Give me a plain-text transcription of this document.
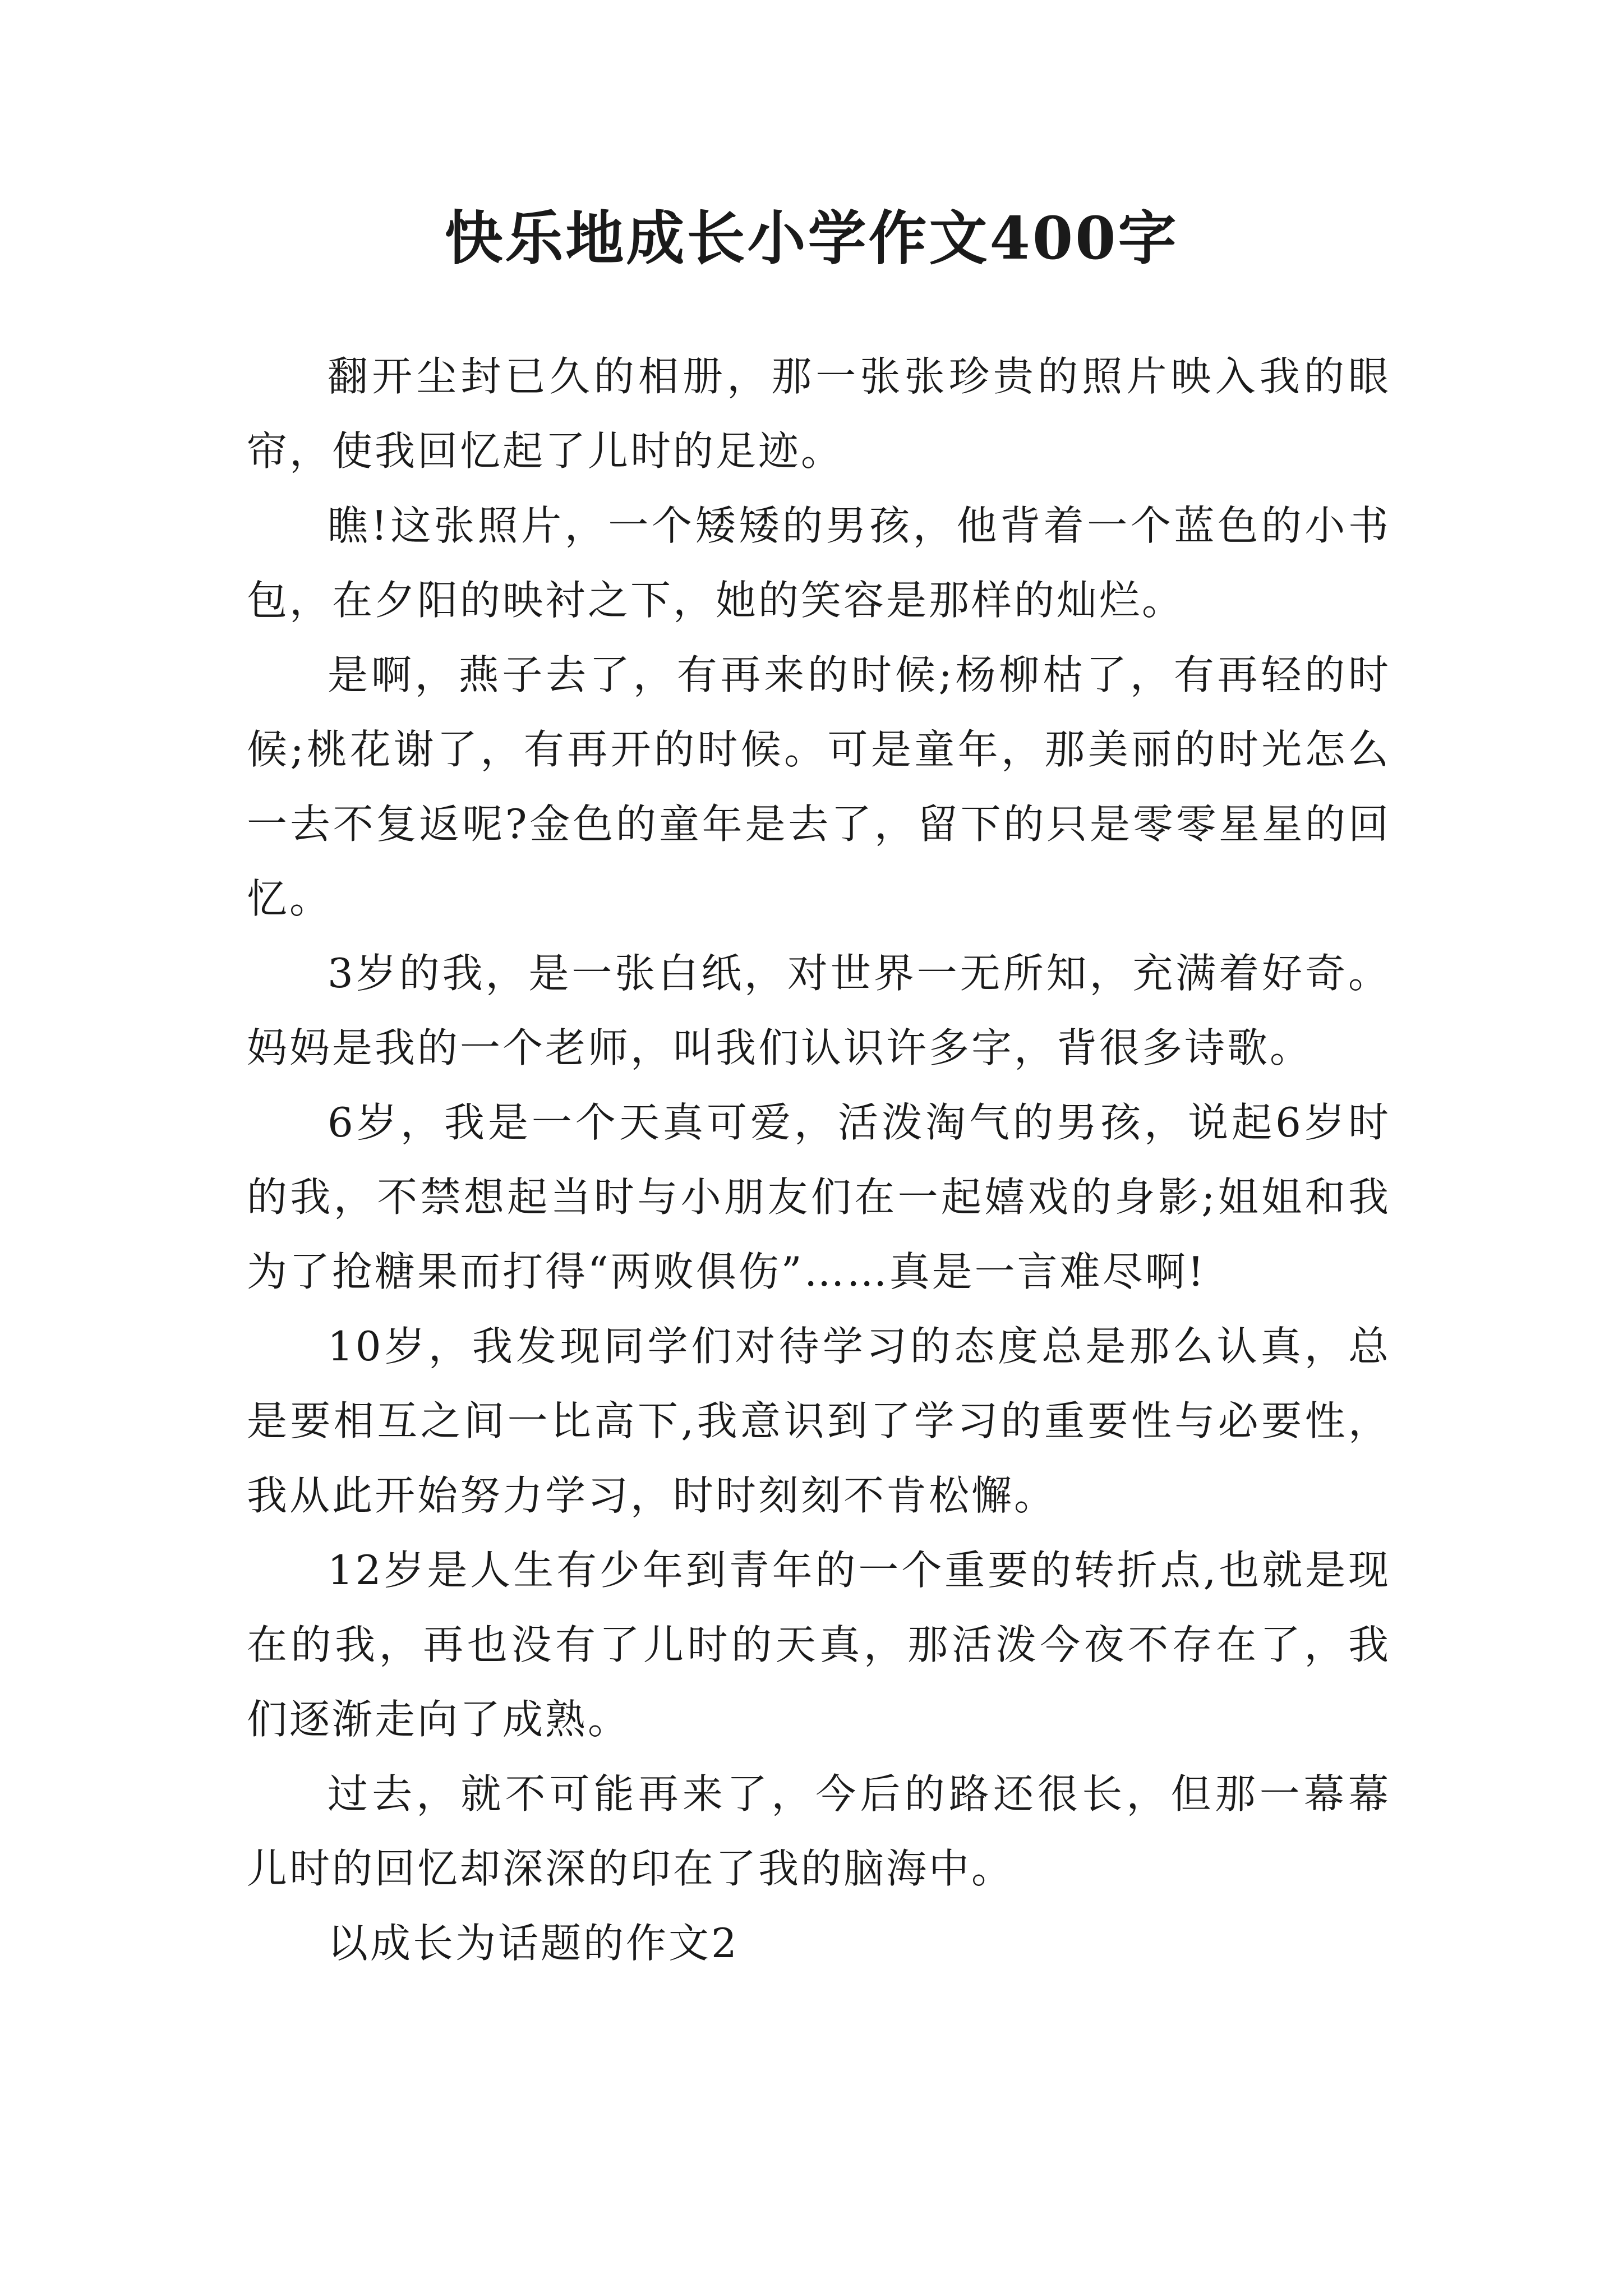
快乐地成长小学作文400字

翻开尘封已久的相册，那一张张珍贵的照片映入我的眼帘，使我回忆起了儿时的足迹。

瞧!这张照片，一个矮矮的男孩，他背着一个蓝色的小书包，在夕阳的映衬之下，她的笑容是那样的灿烂。

是啊，燕子去了，有再来的时候;杨柳枯了，有再轻的时候;桃花谢了，有再开的时候。可是童年，那美丽的时光怎么一去不复返呢?金色的童年是去了，留下的只是零零星星的回忆。

3岁的我，是一张白纸，对世界一无所知，充满着好奇。妈妈是我的一个老师，叫我们认识许多字，背很多诗歌。

6岁，我是一个天真可爱，活泼淘气的男孩，说起6岁时的我，不禁想起当时与小朋友们在一起嬉戏的身影;姐姐和我为了抢糖果而打得“两败俱伤”……真是一言难尽啊!

10岁，我发现同学们对待学习的态度总是那么认真，总是要相互之间一比高下,我意识到了学习的重要性与必要性，我从此开始努力学习，时时刻刻不肯松懈。

12岁是人生有少年到青年的一个重要的转折点,也就是现在的我，再也没有了儿时的天真，那活泼今夜不存在了，我们逐渐走向了成熟。

过去，就不可能再来了，今后的路还很长，但那一幕幕儿时的回忆却深深的印在了我的脑海中。

以成长为话题的作文2
